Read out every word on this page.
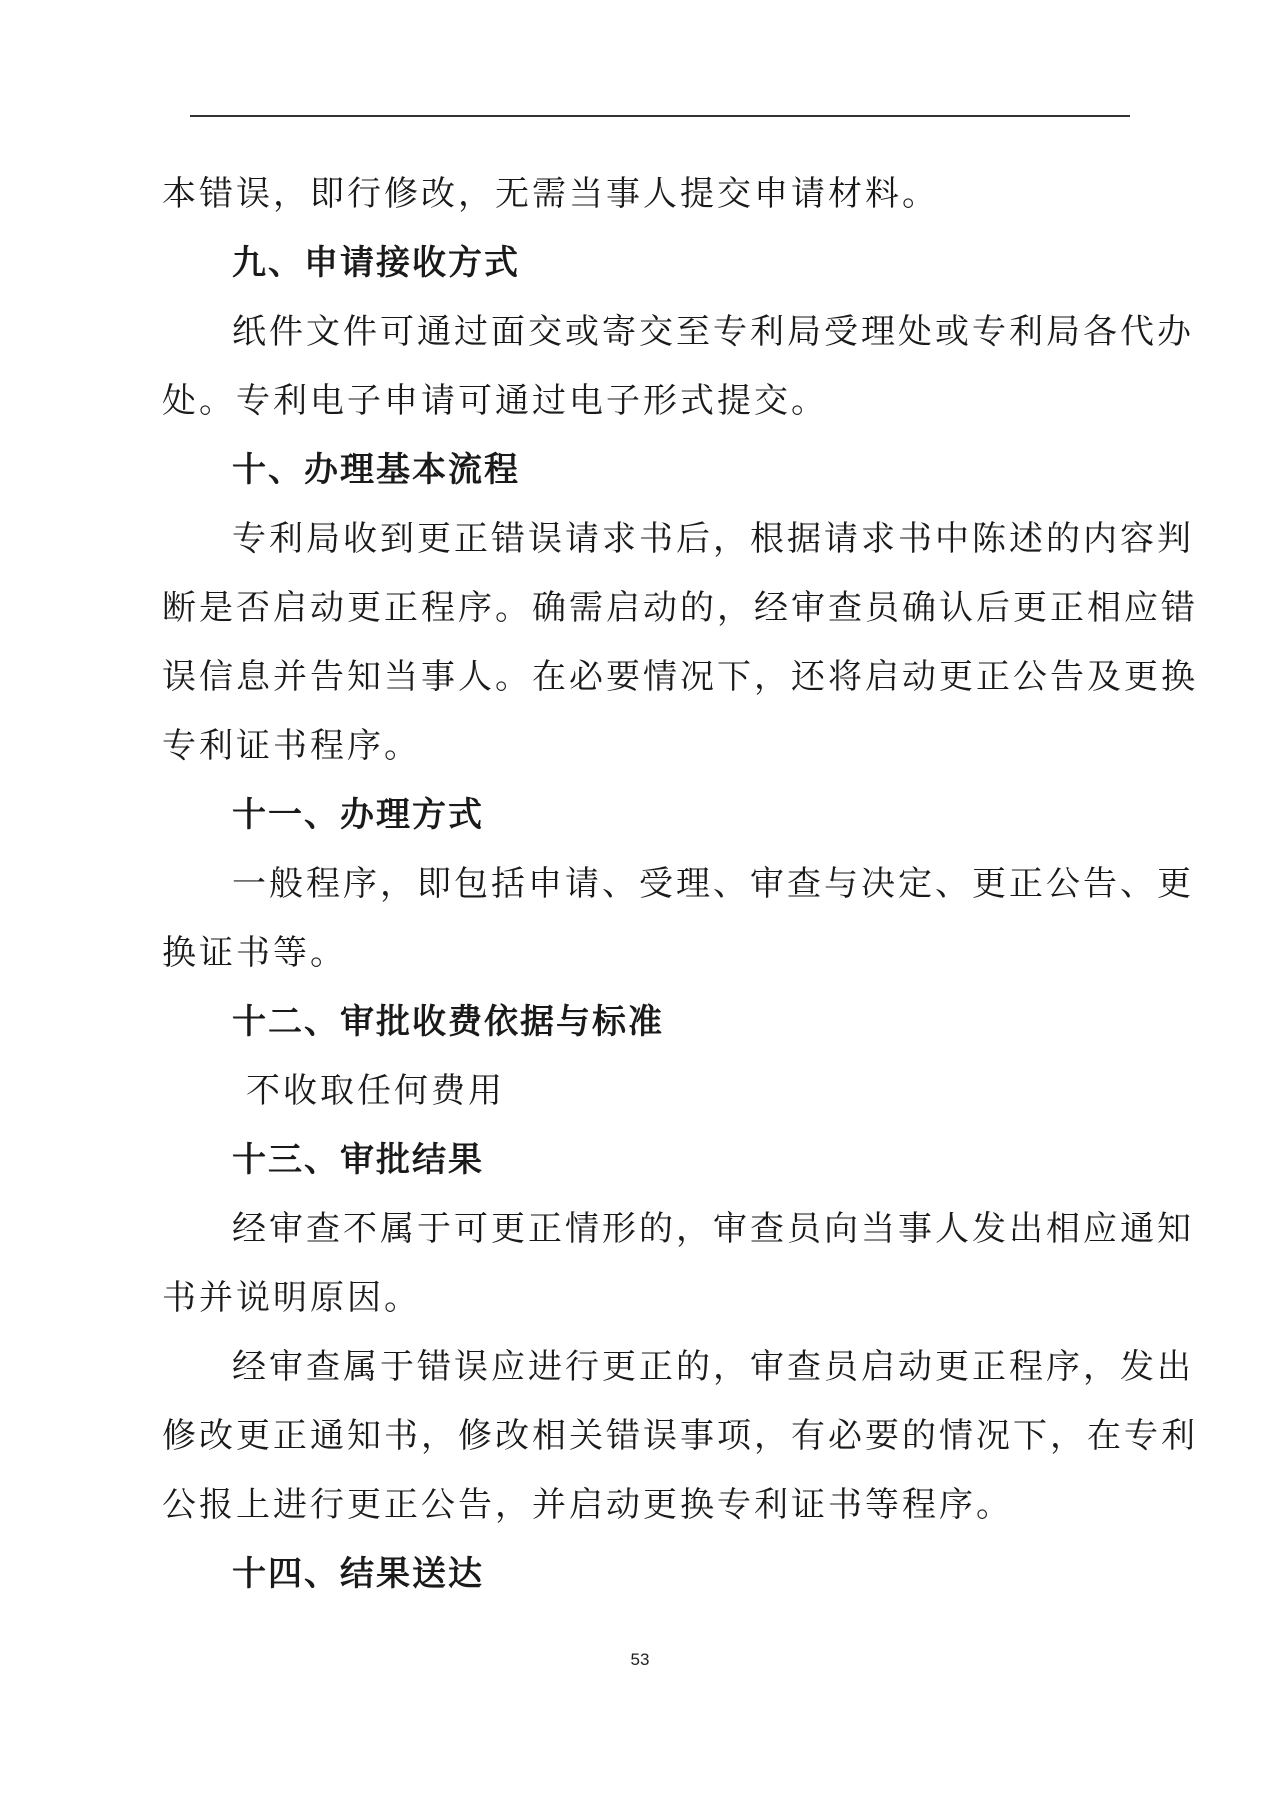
本错误，即行修改，无需当事人提交申请材料。
九、申请接收方式
纸件文件可通过面交或寄交至专利局受理处或专利局各代办
处。专利电子申请可通过电子形式提交。
十、办理基本流程
专利局收到更正错误请求书后，根据请求书中陈述的内容判
断是否启动更正程序。确需启动的，经审查员确认后更正相应错
误信息并告知当事人。在必要情况下，还将启动更正公告及更换
专利证书程序。
十一、办理方式
一般程序，即包括申请、受理、审查与决定、更正公告、更
换证书等。
十二、审批收费依据与标准
不收取任何费用
十三、审批结果
经审查不属于可更正情形的，审查员向当事人发出相应通知
书并说明原因。
经审查属于错误应进行更正的，审查员启动更正程序，发出
修改更正通知书，修改相关错误事项，有必要的情况下，在专利
公报上进行更正公告，并启动更换专利证书等程序。
十四、结果送达
53
